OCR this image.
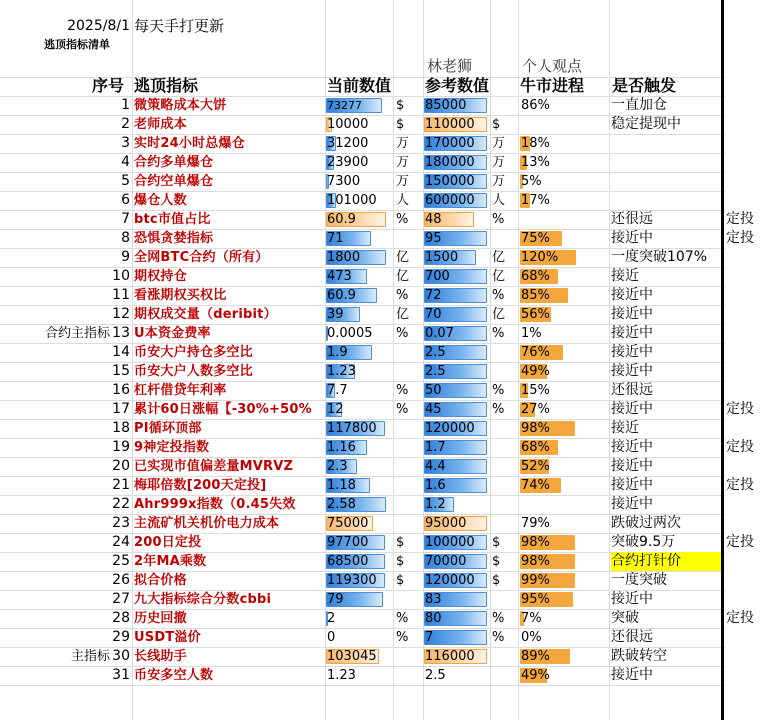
2025/8/1 每天手打更新
逃顶指标清单
林老狮	个人观点
序号 逃顶指标	当前数值 参考数值 牛市进程 是否触发
1 微策略成本大饼	73277	$ 85000	86%	一直加仓
2 老师成本	10000	$ 110000	$	稳定提现中
3 实时24小时总爆仓	31200	万 170000	万 18%
4 合约多单爆仓	23900	万 180000	万 13%
5 合约空单爆仓	7300	万 150000	万 5%
6 爆仓人数	101000	人 600000	人 17%
7 btc市值占比	60.9	% 48	%	还很远	定投
8 恐惧贪婪指标	71	95	75%	接近中	定投
9 全网BTC合约（所有）	1800	亿 1500	亿 120%	一度突破107%
10 期权持仓	473	亿 700	亿 68%	接近
11 看涨期权买权比	60.9	% 72	% 85%	接近中
12 期权成交量（deribit）	39	亿 70	亿 56%	接近中
合约主指标 13 U本资金费率	0.0005	% 0.07	% 1%	接近中
14 币安大户持仓多空比	1.9	2.5	76%	接近中
15 币安大户人数多空比	1.23	2.5	49%	接近中
16 杠杆借贷年利率	7.7	% 50	% 15%	还很远
17 累计60日涨幅【-30%+50% 12	% 45	% 27%	接近中	定投
18 PI循环顶部	117800	120000	98%	接近
19 9神定投指数	1.16	1.7	68%	接近中	定投
20 已实现市值偏差量MVRVZ	2.3	4.4	52%	接近中
21 梅耶倍数[200天定投]	1.18	1.6	74%	接近中	定投
22 Ahr999x指数（0.45失效 2.58	1.2	接近中
23 主流矿机关机价电力成本	75000	95000	79%	跌破过两次
24 200日定投	97700	$ 100000	$ 98%	突破9.5万	定投
25 2年MA乘数	68500	$ 70000	$ 98%	合约打针价
26 拟合价格	119300	$ 120000	$ 99%	一度突破
27 九大指标综合分数cbbi	79	83	95%	接近中
28 历史回撤	2	% 80	% 7%	突破	定投
29 USDT溢价	0	% 7	% 0%	还很远
主指标 30 长线助手	103045	116000	89%	跌破转空
31 币安多空人数	1.23	2.5	49%	接近中
